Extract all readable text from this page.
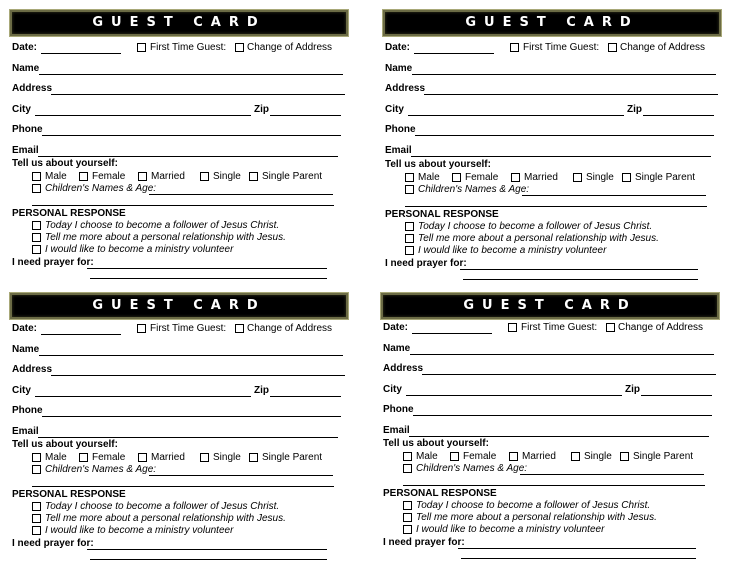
GUEST CARD
Date:	First Time Guest: Change of Address
Name
Address
City	Zip
Phone
Email
Tell us about yourself:
Male	Female	Married	Single Single Parent
Children's Names & Age:
PERSONAL RESPONSE
Today I choose to become a follower of Jesus Christ.
Tell me more about a personal relationship with Jesus.
I would like to become a ministry volunteer
I need prayer for:
GUEST CARD
Date:	First Time Guest: Change of Address
Name
Address
City	Zip
Phone
Email
Tell us about yourself:
Male	Female	Married	Single Single Parent
Children's Names & Age:
PERSONAL RESPONSE
Today I choose to become a follower of Jesus Christ.
Tell me more about a personal relationship with Jesus.
I would like to become a ministry volunteer
I need prayer for:
GUEST CARD
Date:	First Time Guest: Change of Address
Name
Address
City	Zip
Phone
Email
Tell us about yourself:
Male	Female	Married	Single Single Parent
Children's Names & Age:
PERSONAL RESPONSE
Today I choose to become a follower of Jesus Christ.
Tell me more about a personal relationship with Jesus.
I would like to become a ministry volunteer
I need prayer for:
GUEST CARD
Date:	First Time Guest: Change of Address
Name
Address
City	Zip
Phone
Email
Tell us about yourself:
Male	Female	Married	Single Single Parent
Children's Names & Age:
PERSONAL RESPONSE
Today I choose to become a follower of Jesus Christ.
Tell me more about a personal relationship with Jesus.
I would like to become a ministry volunteer
I need prayer for:
